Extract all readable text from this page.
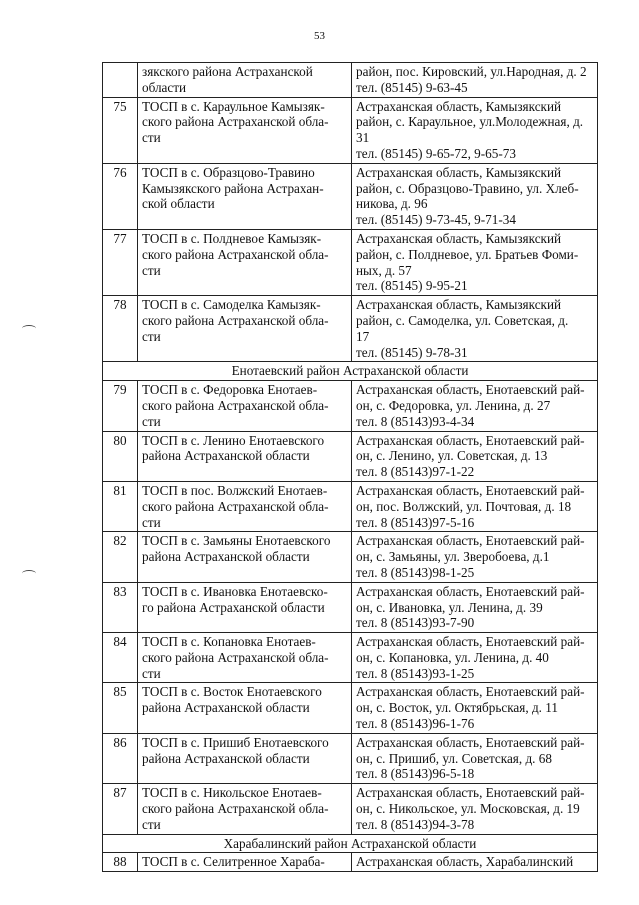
53

	зякского района Астраханской
области	район, пос. Кировский, ул.Народная, д. 2
тел. (85145) 9-63-45

75	ТОСП в с. Караульное Камызяк-
ского района Астраханской обла-
сти	Астраханская область, Камызякский
район, с. Караульное, ул.Молодежная, д.
31
тел. (85145) 9-65-72, 9-65-73

76	ТОСП в с. Образцово-Травино
Камызякского района Астрахан-
ской области	Астраханская область, Камызякский
район, с. Образцово-Травино, ул. Хлеб-
никова, д. 96
тел. (85145) 9-73-45, 9-71-34

77	ТОСП в с. Полдневое Камызяк-
ского района Астраханской обла-
сти	Астраханская область, Камызякский
район, с. Полдневое, ул. Братьев Фоми-
ных, д. 57
тел. (85145) 9-95-21

78	ТОСП в с. Самоделка Камызяк-
ского района Астраханской обла-
сти	Астраханская область, Камызякский
район, с. Самоделка, ул. Советская, д.
17
тел. (85145) 9-78-31

Енотаевский район Астраханской области		
79	ТОСП в с. Федоровка Енотаев-
ского района Астраханской обла-
сти	Астраханская область, Енотаевский рай-
он, с. Федоровка, ул. Ленина, д. 27
тел. 8 (85143)93-4-34

80	ТОСП в с. Ленино Енотаевского
района Астраханской области	Астраханская область, Енотаевский рай-
он, с. Ленино, ул. Советская, д. 13
тел. 8 (85143)97-1-22

81	ТОСП в пос. Волжский Енотаев-
ского района Астраханской обла-
сти	Астраханская область, Енотаевский рай-
он, пос. Волжский, ул. Почтовая, д. 18
тел. 8 (85143)97-5-16

82	ТОСП в с. Замьяны Енотаевского
района Астраханской области	Астраханская область, Енотаевский рай-
он, с. Замьяны, ул. Зверобоева, д.1
тел. 8 (85143)98-1-25

83	ТОСП в с. Ивановка Енотаевско-
го района Астраханской области	Астраханская область, Енотаевский рай-
он, с. Ивановка, ул. Ленина, д. 39
тел. 8 (85143)93-7-90

84	ТОСП в с. Копановка Енотаев-
ского района Астраханской обла-
сти	Астраханская область, Енотаевский рай-
он, с. Копановка, ул. Ленина, д. 40
тел. 8 (85143)93-1-25

85	ТОСП в с. Восток Енотаевского
района Астраханской области	Астраханская область, Енотаевский рай-
он, с. Восток, ул. Октябрьская, д. 11
тел. 8 (85143)96-1-76

86	ТОСП в с. Пришиб Енотаевского
района Астраханской области	Астраханская область, Енотаевский рай-
он, с. Пришиб, ул. Советская, д. 68
тел. 8 (85143)96-5-18

87	ТОСП в с. Никольское Енотаев-
ского района Астраханской обла-
сти	Астраханская область, Енотаевский рай-
он, с. Никольское, ул. Московская, д. 19
тел. 8 (85143)94-3-78

Харабалинский район Астраханской области		
88	ТОСП в с. Селитренное Хараба-	Астраханская область, Харабалинский
